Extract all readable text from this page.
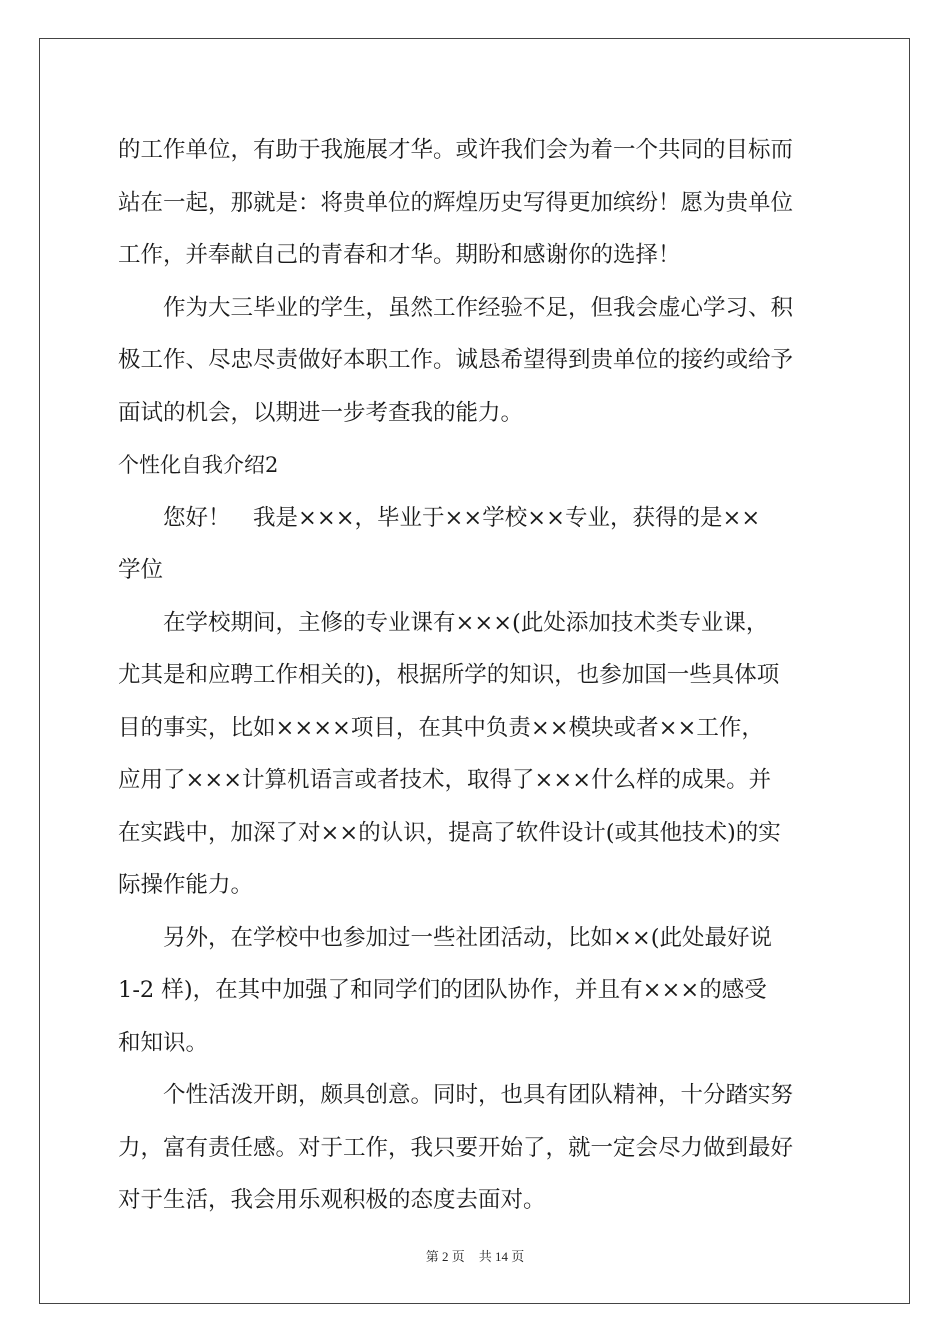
的工作单位，有助于我施展才华。或许我们会为着一个共同的目标而
站在一起，那就是：将贵单位的辉煌历史写得更加缤纷！愿为贵单位
工作，并奉献自己的青春和才华。期盼和感谢你的选择！
　　作为大三毕业的学生，虽然工作经验不足，但我会虚心学习、积
极工作、尽忠尽责做好本职工作。诚恳希望得到贵单位的接约或给予
面试的机会，以期进一步考查我的能力。
个性化自我介绍2
　　您好！　我是×××，毕业于××学校××专业，获得的是××
学位
　　在学校期间，主修的专业课有×××(此处添加技术类专业课，
尤其是和应聘工作相关的)，根据所学的知识，也参加国一些具体项
目的事实，比如××××项目，在其中负责××模块或者××工作，
应用了×××计算机语言或者技术，取得了×××什么样的成果。并
在实践中，加深了对××的认识，提高了软件设计(或其他技术)的实
际操作能力。
　　另外，在学校中也参加过一些社团活动，比如××(此处最好说
1-2 样)，在其中加强了和同学们的团队协作，并且有×××的感受
和知识。
　　个性活泼开朗，颇具创意。同时，也具有团队精神，十分踏实努
力，富有责任感。对于工作，我只要开始了，就一定会尽力做到最好
对于生活，我会用乐观积极的态度去面对。
第 2 页 共 14 页
